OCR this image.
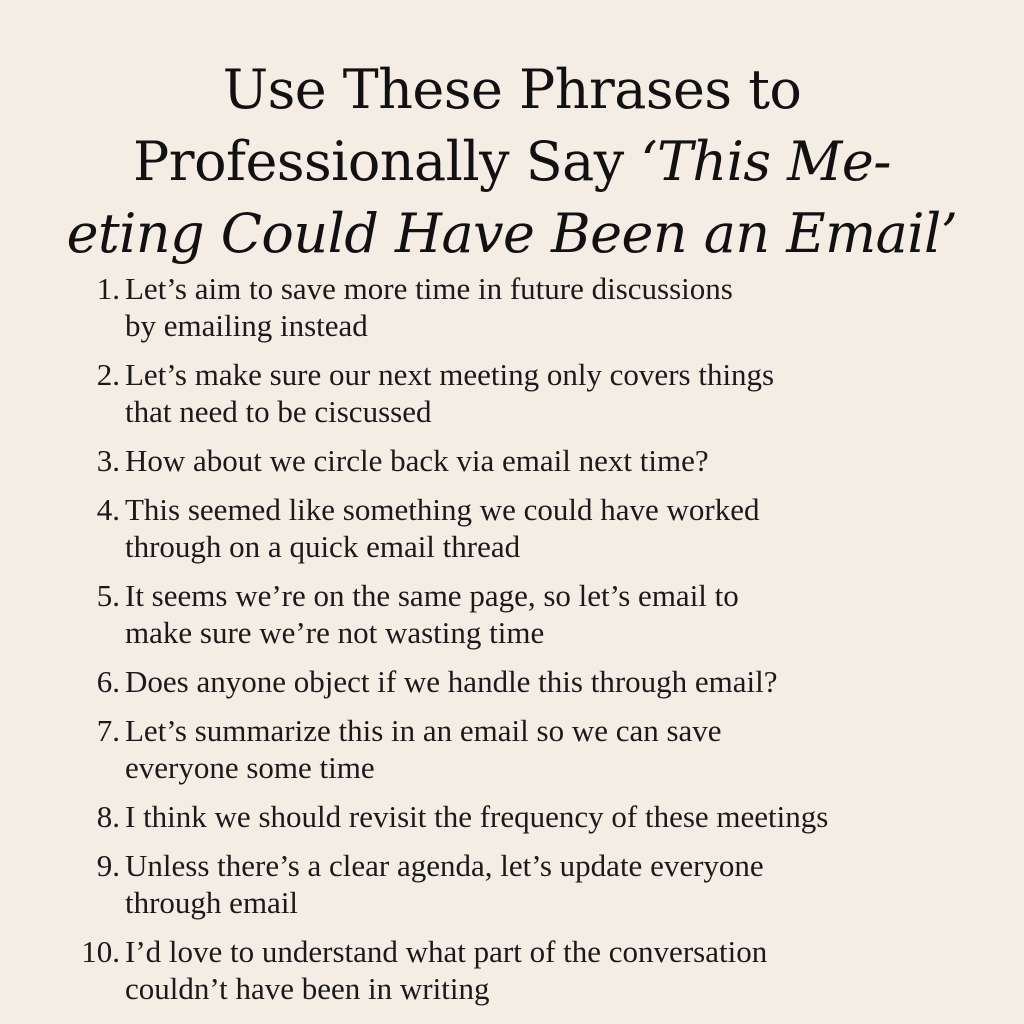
Use These Phrases to
Professionally Say ‘This Me-
eting Could Have Been an Email’
1. Let’s aim to save more time in future discussions
by emailing instead
2. Let’s make sure our next meeting only covers things
that need to be ciscussed
3. How about we circle back via email next time?
4. This seemed like something we could have worked
through on a quick email thread
5. It seems we’re on the same page, so let’s email to
make sure we’re not wasting time
6. Does anyone object if we handle this through email?
7. Let’s summarize this in an email so we can save
everyone some time
8. I think we should revisit the frequency of these meetings
9. Unless there’s a clear agenda, let’s update everyone
through email
10. I’d love to understand what part of the conversation
couldn’t have been in writing
